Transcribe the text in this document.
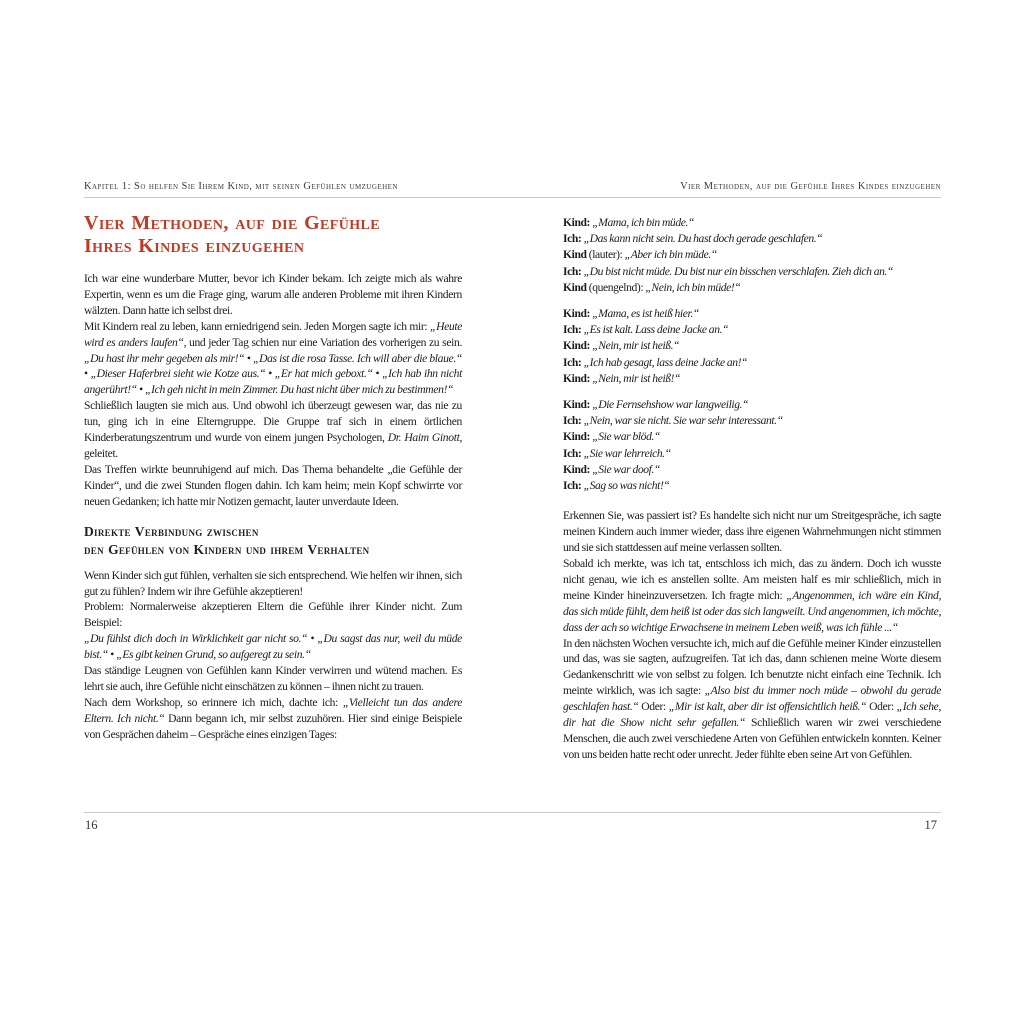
Kapitel 1: So helfen Sie Ihrem Kind, mit seinen Gefühlen umzugehen	Vier Methoden, auf die Gefühle Ihres Kindes einzugehen
Vier Methoden, auf die Gefühle
Ihres Kindes einzugehen

Ich war eine wunderbare Mutter, bevor ich Kinder bekam. Ich zeigte mich als wahre Expertin, wenn es um die Frage ging, warum alle anderen Probleme mit ihren Kindern wälzten. Dann hatte ich selbst drei.

Mit Kindern real zu leben, kann erniedrigend sein. Jeden Morgen sagte ich mir: „Heute wird es anders laufen“, und jeder Tag schien nur eine Variation des vorherigen zu sein. „Du hast ihr mehr gegeben als mir!“ • „Das ist die rosa Tasse. Ich will aber die blaue.“ • „Dieser Haferbrei sieht wie Kotze aus.“ • „Er hat mich geboxt.“ • „Ich hab ihn nicht angerührt!“ • „Ich geh nicht in mein Zimmer. Du hast nicht über mich zu bestimmen!“

Schließlich laugten sie mich aus. Und obwohl ich überzeugt gewesen war, das nie zu tun, ging ich in eine Elterngruppe. Die Gruppe traf sich in einem örtlichen Kinderberatungszentrum und wurde von einem jungen Psychologen, Dr. Haim Ginott, geleitet.

Das Treffen wirkte beunruhigend auf mich. Das Thema behandelte „die Gefühle der Kinder“, und die zwei Stunden flogen dahin. Ich kam heim; mein Kopf schwirrte vor neuen Gedanken; ich hatte mir Notizen gemacht, lauter unverdaute Ideen.

Direkte Verbindung zwischen
den Gefühlen von Kindern und ihrem Verhalten

Wenn Kinder sich gut fühlen, verhalten sie sich entsprechend. Wie helfen wir ihnen, sich gut zu fühlen? Indem wir ihre Gefühle akzeptieren!

Problem: Normalerweise akzeptieren Eltern die Gefühle ihrer Kinder nicht. Zum Beispiel:

„Du fühlst dich doch in Wirklichkeit gar nicht so.“ • „Du sagst das nur, weil du müde bist.“ • „Es gibt keinen Grund, so aufgeregt zu sein.“

Das ständige Leugnen von Gefühlen kann Kinder verwirren und wütend machen. Es lehrt sie auch, ihre Gefühle nicht einschätzen zu können – ihnen nicht zu trauen.

Nach dem Workshop, so erinnere ich mich, dachte ich: „Vielleicht tun das andere Eltern. Ich nicht.“ Dann begann ich, mir selbst zuzuhören. Hier sind einige Beispiele von Gesprächen daheim – Gespräche eines einzigen Tages:

Kind: „Mama, ich bin müde.“
Ich: „Das kann nicht sein. Du hast doch gerade geschlafen.“
Kind (lauter): „Aber ich bin müde.“
Ich: „Du bist nicht müde. Du bist nur ein bisschen verschlafen. Zieh dich an.“
Kind (quengelnd): „Nein, ich bin müde!“
Kind: „Mama, es ist heiß hier.“
Ich: „Es ist kalt. Lass deine Jacke an.“
Kind: „Nein, mir ist heiß.“
Ich: „Ich hab gesagt, lass deine Jacke an!“
Kind: „Nein, mir ist heiß!“
Kind: „Die Fernsehshow war langweilig.“
Ich: „Nein, war sie nicht. Sie war sehr interessant.“
Kind: „Sie war blöd.“
Ich: „Sie war lehrreich.“
Kind: „Sie war doof.“
Ich: „Sag so was nicht!“

Erkennen Sie, was passiert ist? Es handelte sich nicht nur um Streitgespräche, ich sagte meinen Kindern auch immer wieder, dass ihre eigenen Wahrnehmungen nicht stimmen und sie sich stattdessen auf meine verlassen sollten.

Sobald ich merkte, was ich tat, entschloss ich mich, das zu ändern. Doch ich wusste nicht genau, wie ich es anstellen sollte. Am meisten half es mir schließlich, mich in meine Kinder hineinzuversetzen. Ich fragte mich: „Angenommen, ich wäre ein Kind, das sich müde fühlt, dem heiß ist oder das sich langweilt. Und angenommen, ich möchte, dass der ach so wichtige Erwachsene in meinem Leben weiß, was ich fühle ...“

In den nächsten Wochen versuchte ich, mich auf die Gefühle meiner Kinder einzustellen und das, was sie sagten, aufzugreifen. Tat ich das, dann schienen meine Worte diesem Gedankenschritt wie von selbst zu folgen. Ich benutzte nicht einfach eine Technik. Ich meinte wirklich, was ich sagte: „Also bist du immer noch müde – obwohl du gerade geschlafen hast.“ Oder: „Mir ist kalt, aber dir ist offensichtlich heiß.“ Oder: „Ich sehe, dir hat die Show nicht sehr gefallen.“ Schließlich waren wir zwei verschiedene Menschen, die auch zwei verschiedene Arten von Gefühlen entwickeln konnten. Keiner von uns beiden hatte recht oder unrecht. Jeder fühlte eben seine Art von Gefühlen.

16	17
